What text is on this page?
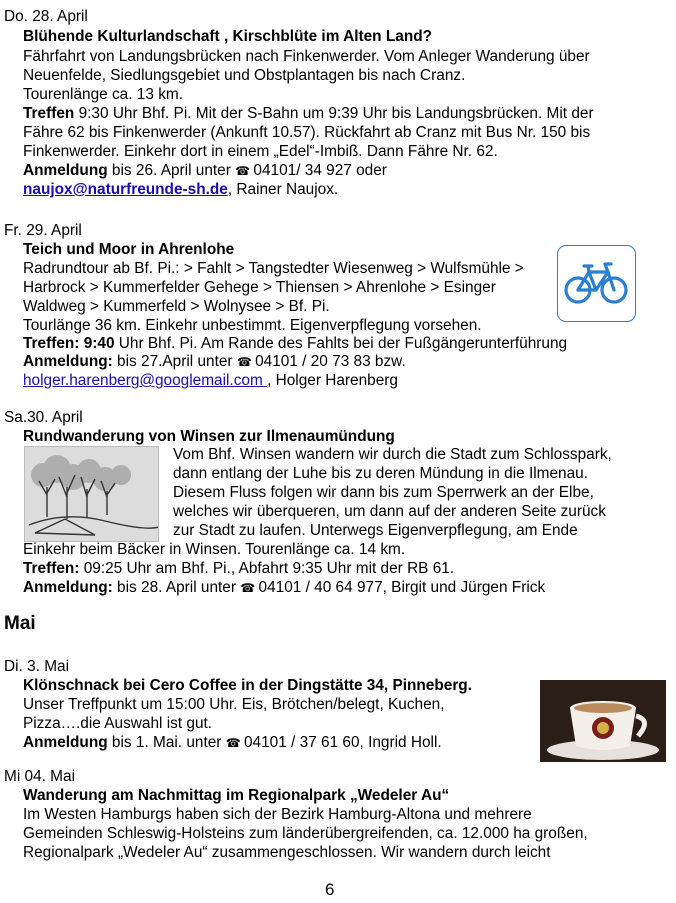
Do. 28. April
Blühende Kulturlandschaft , Kirschblüte im Alten Land?
Fährfahrt von Landungsbrücken nach Finkenwerder. Vom Anleger Wanderung über
Neuenfelde, Siedlungsgebiet und Obstplantagen bis nach Cranz.
Tourenlänge ca. 13 km.
Treffen 9:30 Uhr Bhf. Pi. Mit der S-Bahn um 9:39 Uhr bis Landungsbrücken. Mit der
Fähre 62 bis Finkenwerder (Ankunft 10.57). Rückfahrt ab Cranz mit Bus Nr. 150 bis
Finkenwerder. Einkehr dort in einem „Edel“-Imbiß. Dann Fähre Nr. 62.
Anmeldung bis 26. April unter ☎ 04101/ 34 927 oder
naujox@naturfreunde-sh.de, Rainer Naujox.
Fr. 29. April
Teich und Moor in Ahrenlohe
Radrundtour ab Bf. Pi.: > Fahlt > Tangstedter Wiesenweg > Wulfsmühle >
Harbrock > Kummerfelder Gehege > Thiensen > Ahrenlohe > Esinger
Waldweg > Kummerfeld > Wolnysee > Bf. Pi.
Tourlänge 36 km. Einkehr unbestimmt. Eigenverpflegung vorsehen.
Treffen: 9:40 Uhr Bhf. Pi. Am Rande des Fahlts bei der Fußgängerunterführung
Anmeldung: bis 27.April unter ☎ 04101 / 20 73 83 bzw.
holger.harenberg@googlemail.com , Holger Harenberg
Sa.30. April
Rundwanderung von Winsen zur Ilmenaumündung
Vom Bhf. Winsen wandern wir durch die Stadt zum Schlosspark,
dann entlang der Luhe bis zu deren Mündung in die Ilmenau.
Diesem Fluss folgen wir dann bis zum Sperrwerk an der Elbe,
welches wir überqueren, um dann auf der anderen Seite zurück
zur Stadt zu laufen. Unterwegs Eigenverpflegung, am Ende
Einkehr beim Bäcker in Winsen. Tourenlänge ca. 14 km.
Treffen: 09:25 Uhr am Bhf. Pi., Abfahrt 9:35 Uhr mit der RB 61.
Anmeldung: bis 28. April unter ☎ 04101 / 40 64 977, Birgit und Jürgen Frick
Mai
Di. 3. Mai
Klönschnack bei Cero Coffee in der Dingstätte 34, Pinneberg.
Unser Treffpunkt um 15:00 Uhr. Eis, Brötchen/belegt, Kuchen,
Pizza….die Auswahl ist gut.
Anmeldung bis 1. Mai. unter ☎ 04101 / 37 61 60, Ingrid Holl.
Mi 04. Mai
Wanderung am Nachmittag im Regionalpark „Wedeler Au“
Im Westen Hamburgs haben sich der Bezirk Hamburg-Altona und mehrere
Gemeinden Schleswig-Holsteins zum länderübergreifenden, ca. 12.000 ha großen,
Regionalpark „Wedeler Au“ zusammengeschlossen. Wir wandern durch leicht
6
